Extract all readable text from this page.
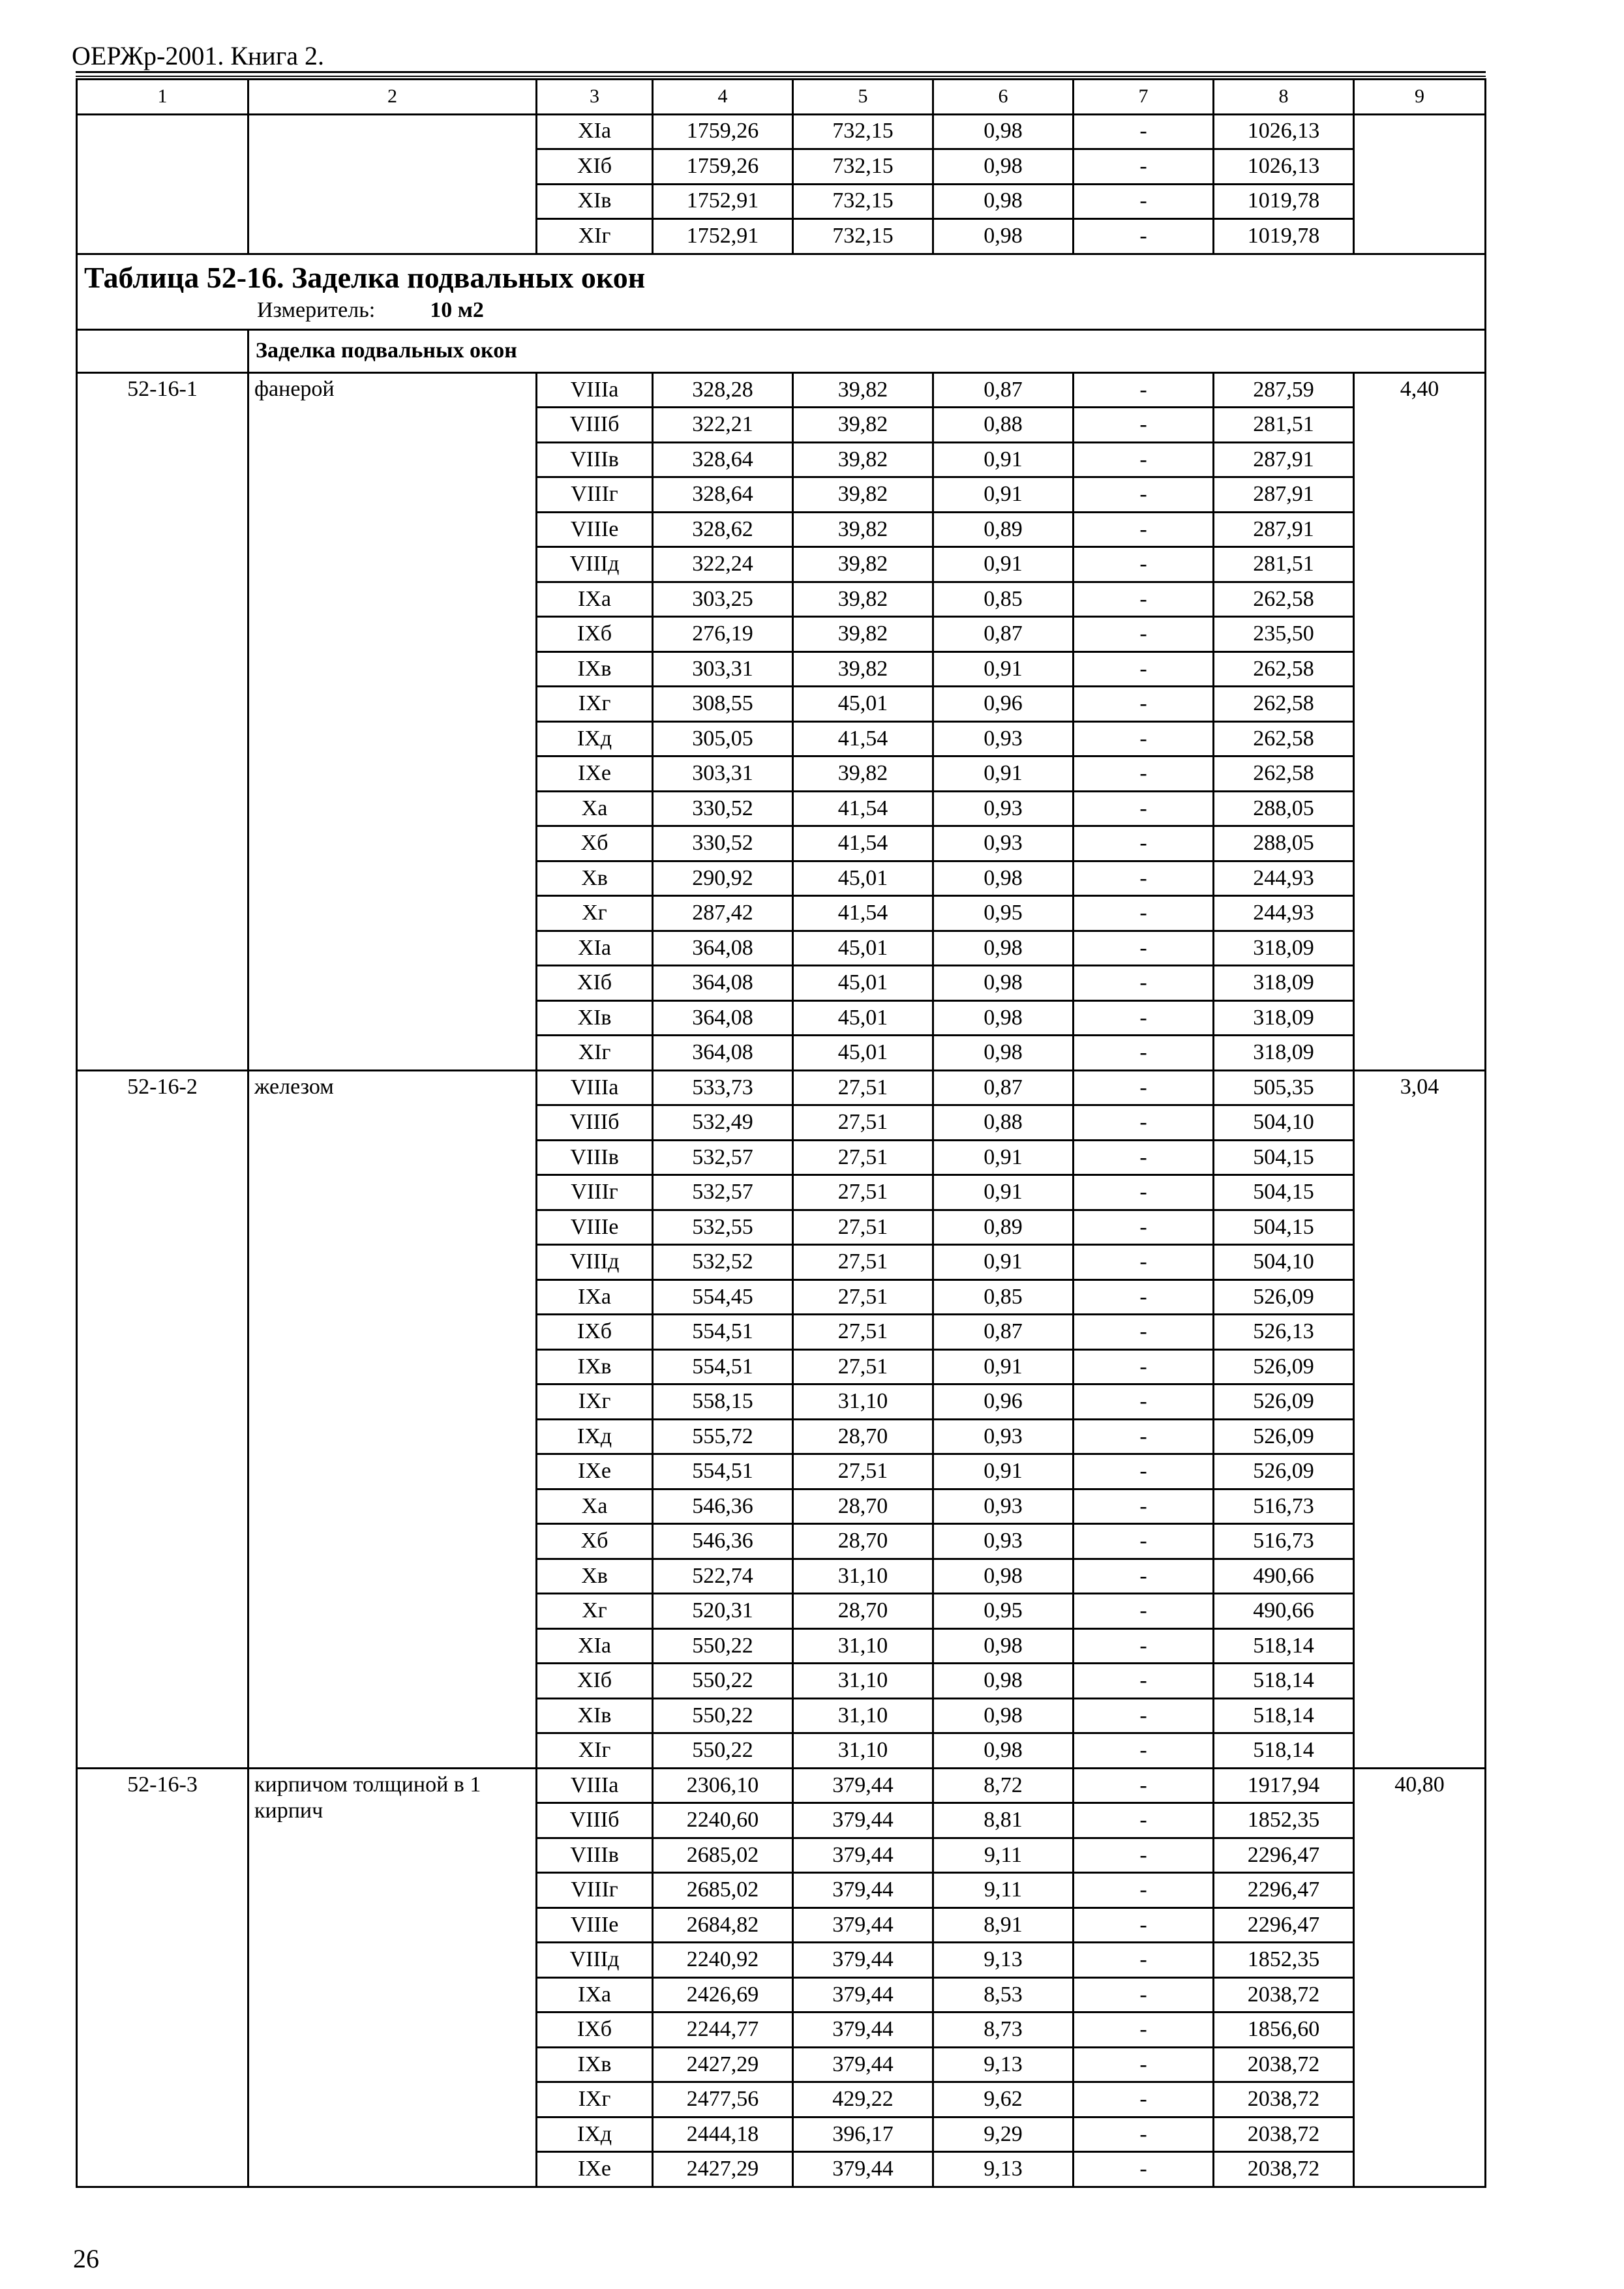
ОЕРЖр-2001. Книга 2.
1	2	3	4	5	6	7	8	9
		XIа	1759,26	732,15	0,98	-	1026,13	
		XIб	1759,26	732,15	0,98	-	1026,13	
		XIв	1752,91	732,15	0,98	-	1019,78	
		XIг	1752,91	732,15	0,98	-	1019,78	

Таблица 52-16. Заделка подвальных окон
Измеритель: 10 м2								

	Заделка подвальных окон							
52-16-1	фанерой	VIIIа	328,28	39,82	0,87	-	287,59	4,40
		VIIIб	322,21	39,82	0,88	-	281,51	
		VIIIв	328,64	39,82	0,91	-	287,91	
		VIIIг	328,64	39,82	0,91	-	287,91	
		VIIIе	328,62	39,82	0,89	-	287,91	
		VIIIд	322,24	39,82	0,91	-	281,51	
		IXа	303,25	39,82	0,85	-	262,58	
		IXб	276,19	39,82	0,87	-	235,50	
		IXв	303,31	39,82	0,91	-	262,58	
		IXг	308,55	45,01	0,96	-	262,58	
		IXд	305,05	41,54	0,93	-	262,58	
		IXе	303,31	39,82	0,91	-	262,58	
		Xа	330,52	41,54	0,93	-	288,05	
		Xб	330,52	41,54	0,93	-	288,05	
		Xв	290,92	45,01	0,98	-	244,93	
		Xг	287,42	41,54	0,95	-	244,93	
		XIа	364,08	45,01	0,98	-	318,09	
		XIб	364,08	45,01	0,98	-	318,09	
		XIв	364,08	45,01	0,98	-	318,09	
		XIг	364,08	45,01	0,98	-	318,09	
52-16-2	железом	VIIIа	533,73	27,51	0,87	-	505,35	3,04
		VIIIб	532,49	27,51	0,88	-	504,10	
		VIIIв	532,57	27,51	0,91	-	504,15	
		VIIIг	532,57	27,51	0,91	-	504,15	
		VIIIе	532,55	27,51	0,89	-	504,15	
		VIIIд	532,52	27,51	0,91	-	504,10	
		IXа	554,45	27,51	0,85	-	526,09	
		IXб	554,51	27,51	0,87	-	526,13	
		IXв	554,51	27,51	0,91	-	526,09	
		IXг	558,15	31,10	0,96	-	526,09	
		IXд	555,72	28,70	0,93	-	526,09	
		IXе	554,51	27,51	0,91	-	526,09	
		Xа	546,36	28,70	0,93	-	516,73	
		Xб	546,36	28,70	0,93	-	516,73	
		Xв	522,74	31,10	0,98	-	490,66	
		Xг	520,31	28,70	0,95	-	490,66	
		XIа	550,22	31,10	0,98	-	518,14	
		XIб	550,22	31,10	0,98	-	518,14	
		XIв	550,22	31,10	0,98	-	518,14	
		XIг	550,22	31,10	0,98	-	518,14	
52-16-3	кирпичом толщиной в 1 кирпич	VIIIа	2306,10	379,44	8,72	-	1917,94	40,80
		VIIIб	2240,60	379,44	8,81	-	1852,35	
		VIIIв	2685,02	379,44	9,11	-	2296,47	
		VIIIг	2685,02	379,44	9,11	-	2296,47	
		VIIIе	2684,82	379,44	8,91	-	2296,47	
		VIIIд	2240,92	379,44	9,13	-	1852,35	
		IXа	2426,69	379,44	8,53	-	2038,72	
		IXб	2244,77	379,44	8,73	-	1856,60	
		IXв	2427,29	379,44	9,13	-	2038,72	
		IXг	2477,56	429,22	9,62	-	2038,72	
		IXд	2444,18	396,17	9,29	-	2038,72	
		IXе	2427,29	379,44	9,13	-	2038,72	
26
